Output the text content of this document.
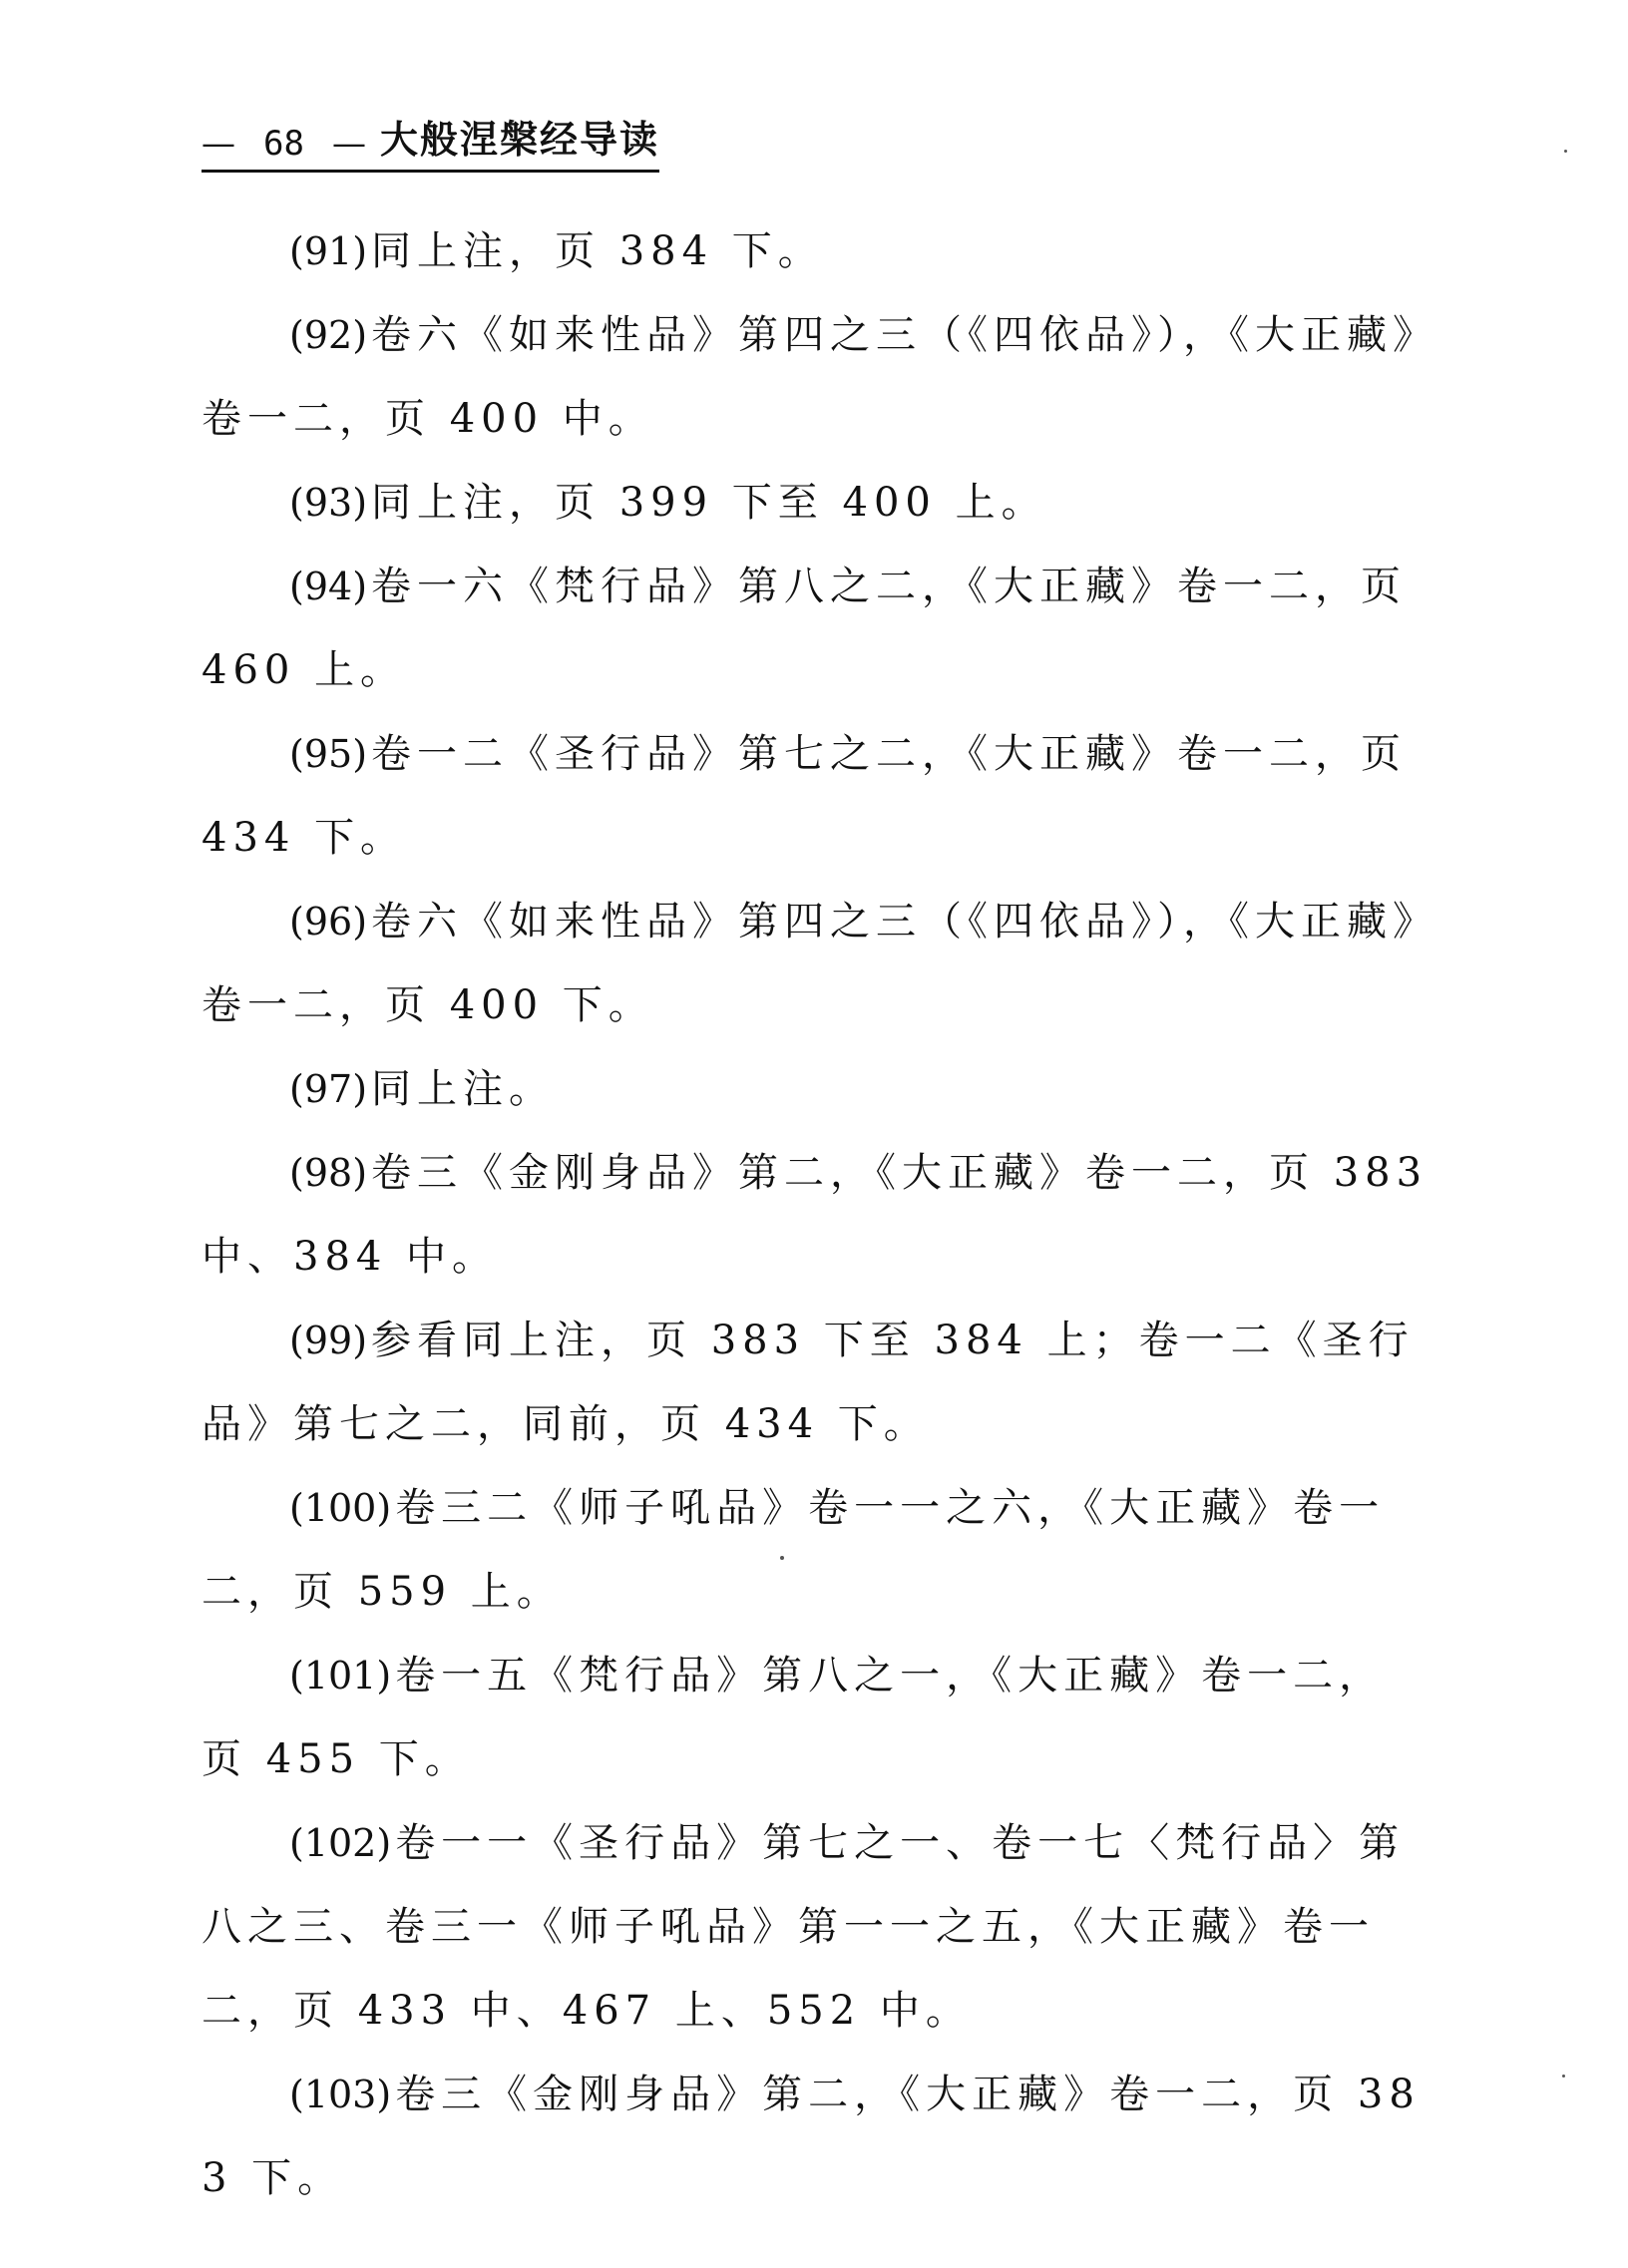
— 68 — 大般涅槃经导读

(91) 同上注，页 384 下。

(92) 卷六《如来性品》第四之三（《四依品》），《大正藏》卷一二，页 400 中。

(93) 同上注，页 399 下至 400 上。

(94) 卷一六《梵行品》第八之二，《大正藏》卷一二，页 460 上。

(95) 卷一二《圣行品》第七之二，《大正藏》卷一二，页 434 下。

(96) 卷六《如来性品》第四之三（《四依品》），《大正藏》卷一二，页 400 下。

(97) 同上注。

(98) 卷三《金刚身品》第二，《大正藏》卷一二，页 383 中、384 中。

(99) 参看同上注，页 383 下至 384 上；卷一二《圣行品》第七之二，同前，页 434 下。

(100) 卷三二《师子吼品》卷一一之六，《大正藏》卷一二，页 559 上。

(101) 卷一五《梵行品》第八之一，《大正藏》卷一二，页 455 下。

(102) 卷一一《圣行品》第七之一、卷一七〈梵行品〉第八之三、卷三一《师子吼品》第一一之五，《大正藏》卷一二，页 433 中、467 上、552 中。

(103) 卷三《金刚身品》第二，《大正藏》卷一二，页 383 下。
